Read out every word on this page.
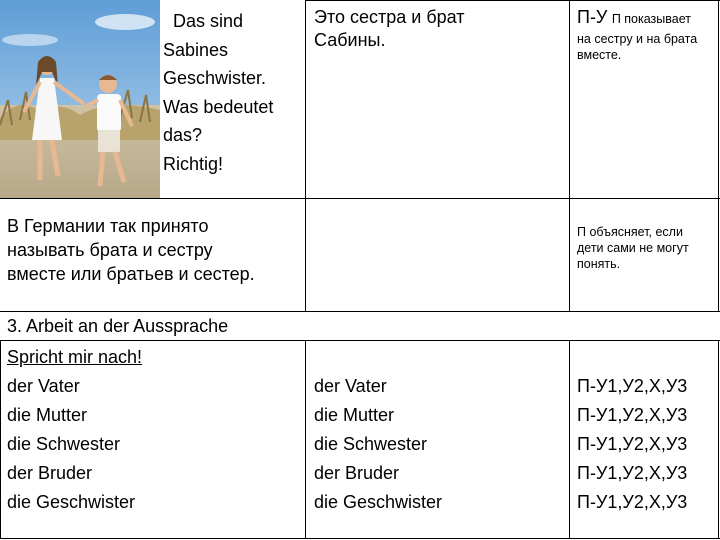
Das sind
Sabines
Geschwister.
Was bedeutet
das?
Richtig!
Это сестра и брат
Сабины.
П-У П показывает
на сестру и на брата
вместе.
В Германии так принято
называть брата и сестру
вместе или братьев и сестер.
П объясняет, если
дети сами не могут
понять.
3. Arbeit an der Aussprache
Spricht mir nach!
der Vater
die Mutter
die Schwester
der Bruder
die Geschwister
der Vater
die Mutter
die Schwester
der Bruder
die Geschwister
П-У1,У2,Х,У3
П-У1,У2,Х,У3
П-У1,У2,Х,У3
П-У1,У2,Х,У3
П-У1,У2,Х,У3
